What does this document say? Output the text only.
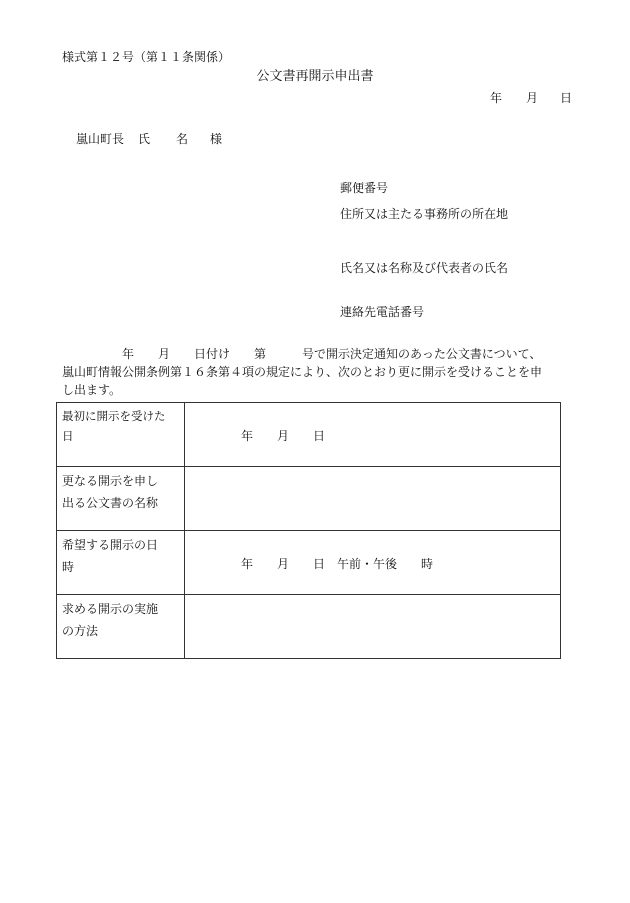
様式第１２号（第１１条関係）
公文書再開示申出書
年 月 日
嵐山町長 氏 名 様
郵便番号
住所又は主たる事務所の所在地
氏名又は名称及び代表者の氏名
連絡先電話番号
　　　　　年　　月　　日付け　　第　　　号で開示決定通知のあった公文書について、
嵐山町情報公開条例第１６条第４項の規定により、次のとおり更に開示を受けることを申
し出ます。
最初に開示を受けた
日	年　　月　　日

更なる開示を申し
出る公文書の名称	

希望する開示の日
時	年　　月　　日　午前・午後　　時

求める開示の実施
の方法	
